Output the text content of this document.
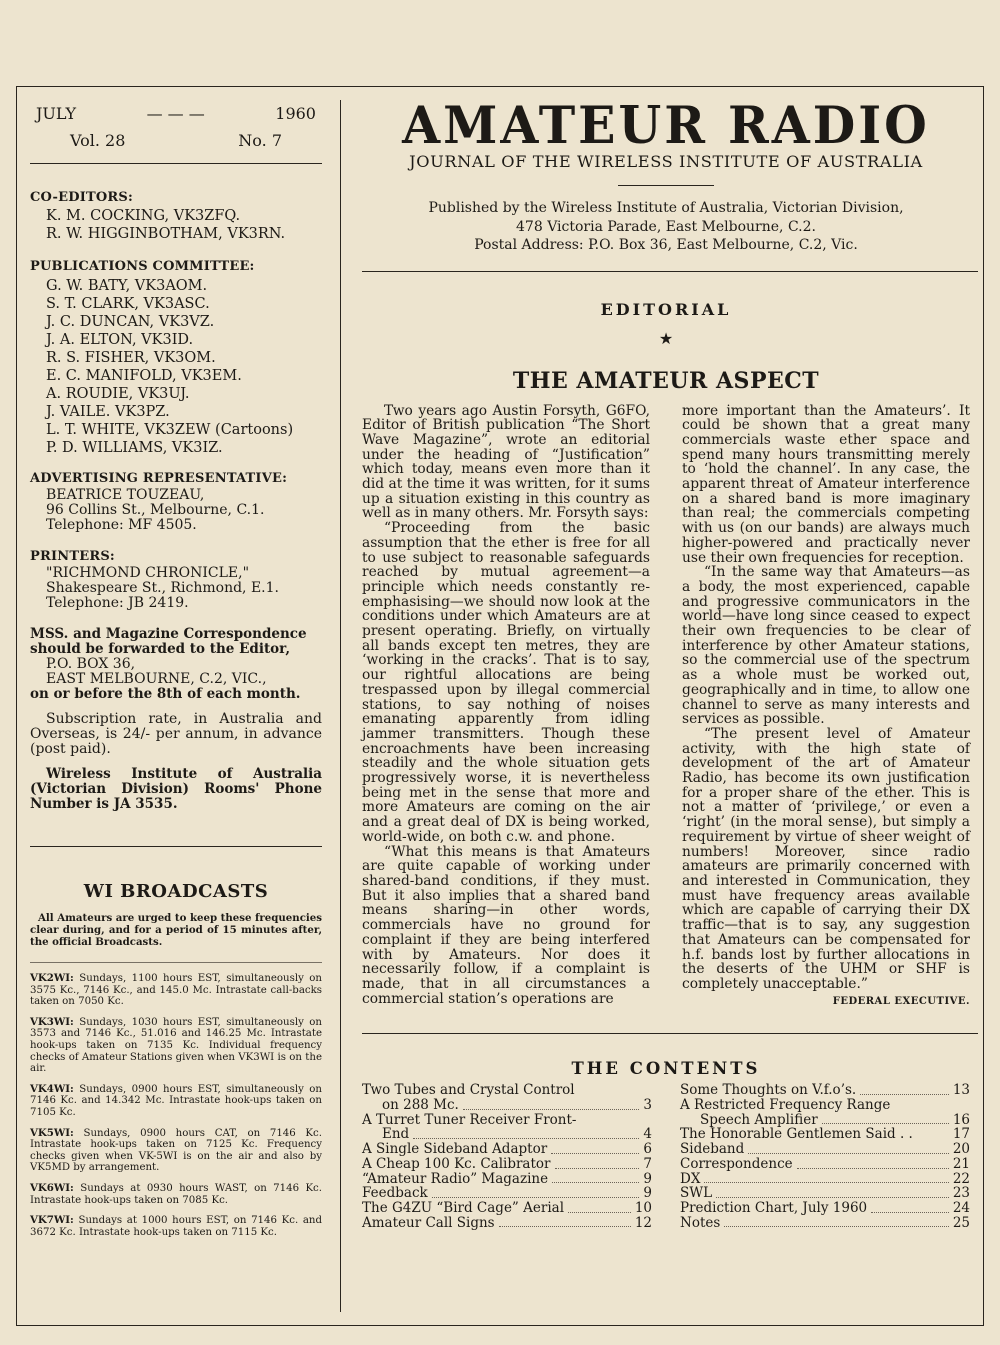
JULY	— — —	1960
Vol. 28	No. 7

CO-EDITORS:

K. M. COCKING, VK3ZFQ.

R. W. HIGGINBOTHAM, VK3RN.

PUBLICATIONS COMMITTEE:

G. W. BATY, VK3AOM.

S. T. CLARK, VK3ASC.

J. C. DUNCAN, VK3VZ.

J. A. ELTON, VK3ID.

R. S. FISHER, VK3OM.

E. C. MANIFOLD, VK3EM.

A. ROUDIE, VK3UJ.

J. VAILE. VK3PZ.

L. T. WHITE, VK3ZEW (Cartoons)

P. D. WILLIAMS, VK3IZ.

ADVERTISING REPRESENTATIVE:

BEATRICE TOUZEAU,

96 Collins St., Melbourne, C.1.

Telephone: MF 4505.

PRINTERS:

"RICHMOND CHRONICLE,"

Shakespeare St., Richmond, E.1.

Telephone: JB 2419.

MSS. and Magazine Correspondence

should be forwarded to the Editor,

P.O. BOX 36,

EAST MELBOURNE, C.2, VIC.,

on or before the 8th of each month.

Subscription rate, in Australia and Overseas, is 24/- per annum, in advance (post paid).

Wireless Institute of Australia (Victorian Division) Rooms' Phone Number is JA 3535.

WI BROADCASTS

All Amateurs are urged to keep these frequencies clear during, and for a period of 15 minutes after, the official Broadcasts.

VK2WI: Sundays, 1100 hours EST, simultaneously on 3575 Kc., 7146 Kc., and 145.0 Mc. Intrastate call-backs taken on 7050 Kc.

VK3WI: Sundays, 1030 hours EST, simultaneously on 3573 and 7146 Kc., 51.016 and 146.25 Mc. Intrastate hook-ups taken on 7135 Kc. Individual frequency checks of Amateur Stations given when VK3WI is on the air.

VK4WI: Sundays, 0900 hours EST, simultaneously on 7146 Kc. and 14.342 Mc. Intrastate hook-ups taken on 7105 Kc.

VK5WI: Sundays, 0900 hours CAT, on 7146 Kc. Intrastate hook-ups taken on 7125 Kc. Frequency checks given when VK-5WI is on the air and also by VK5MD by arrangement.

VK6WI: Sundays at 0930 hours WAST, on 7146 Kc. Intrastate hook-ups taken on 7085 Kc.

VK7WI: Sundays at 1000 hours EST, on 7146 Kc. and 3672 Kc. Intrastate hook-ups taken on 7115 Kc.

AMATEUR RADIO

JOURNAL OF THE WIRELESS INSTITUTE OF AUSTRALIA

Published by the Wireless Institute of Australia, Victorian Division,

478 Victoria Parade, East Melbourne, C.2.

Postal Address: P.O. Box 36, East Melbourne, C.2, Vic.

EDITORIAL

★

THE AMATEUR ASPECT

Two years ago Austin Forsyth, G6FO, Editor of British publication “The Short Wave Magazine”, wrote an editorial under the heading of “Justification” which today, means even more than it did at the time it was written, for it sums up a situation existing in this country as well as in many others. Mr. Forsyth says:

“Proceeding from the basic assumption that the ether is free for all to use subject to reasonable safeguards reached by mutual agreement—a principle which needs constantly re-emphasising—we should now look at the conditions under which Amateurs are at present operating. Briefly, on virtually all bands except ten metres, they are ‘working in the cracks’. That is to say, our rightful allocations are being trespassed upon by illegal commercial stations, to say nothing of noises emanating apparently from idling jammer transmitters. Though these encroachments have been increasing steadily and the whole situation gets progressively worse, it is nevertheless being met in the sense that more and more Amateurs are coming on the air and a great deal of DX is being worked, world-wide, on both c.w. and phone.

“What this means is that Amateurs are quite capable of working under shared-band conditions, if they must. But it also implies that a shared band means sharing—in other words, commercials have no ground for complaint if they are being interfered with by Amateurs. Nor does it necessarily follow, if a complaint is made, that in all circumstances a commercial station’s operations are

more important than the Amateurs’. It could be shown that a great many commercials waste ether space and spend many hours transmitting merely to ‘hold the channel’. In any case, the apparent threat of Amateur interference on a shared band is more imaginary than real; the commercials competing with us (on our bands) are always much higher-powered and practically never use their own frequencies for reception.

“In the same way that Amateurs—as a body, the most experienced, capable and progressive communicators in the world—have long since ceased to expect their own frequencies to be clear of interference by other Amateur stations, so the commercial use of the spectrum as a whole must be worked out, geographically and in time, to allow one channel to serve as many interests and services as possible.

“The present level of Amateur activity, with the high state of development of the art of Amateur Radio, has become its own justification for a proper share of the ether. This is not a matter of ‘privilege,’ or even a ‘right’ (in the moral sense), but simply a requirement by virtue of sheer weight of numbers! Moreover, since radio amateurs are primarily concerned with and interested in Communication, they must have frequency areas available which are capable of carrying their DX traffic—that is to say, any suggestion that Amateurs can be compensated for h.f. bands lost by further allocations in the deserts of the UHM or SHF is completely unacceptable.”

FEDERAL EXECUTIVE.

THE CONTENTS

Two Tubes and Crystal Control
on 288 Mc.	3
A Turret Tuner Receiver Front-
End	4
A Single Sideband Adaptor	6
A Cheap 100 Kc. Calibrator	7
“Amateur Radio” Magazine	9
Feedback	9
The G4ZU “Bird Cage” Aerial	10
Amateur Call Signs	12
Some Thoughts on V.f.o’s.	13
A Restricted Frequency Range
Speech Amplifier	16
The Honorable Gentlemen Said . .	17
Sideband	20
Correspondence	21
DX	22
SWL	23
Prediction Chart, July 1960	24
Notes	25
